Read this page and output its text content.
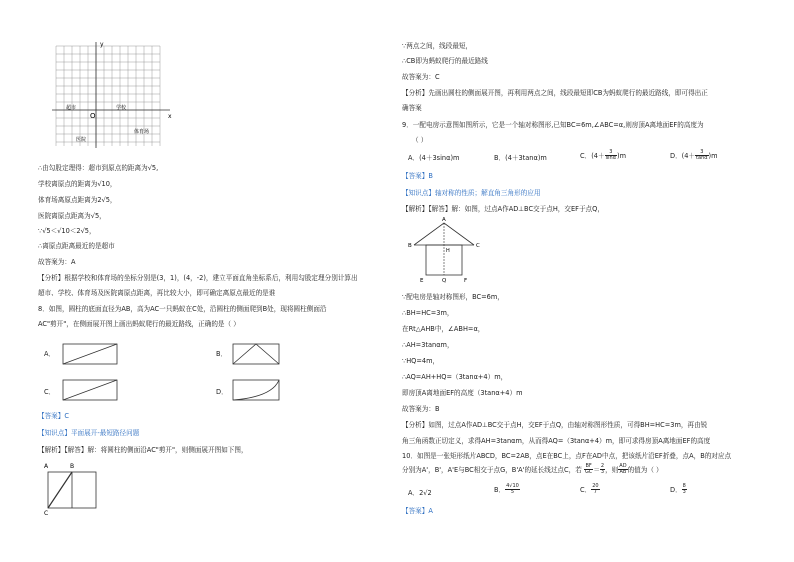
y
x
O
超市	学校
体育场
医院
∴由勾股定理得：超市到原点的距离为√5,
学校离原点的距离为√10，
体育场离原点距离为2√5，
医院离原点距离为√5，
∵√5＜√10＜2√5，
∴离原点距离最近的是超市
故答案为：A
【分析】根据学校和体育场的坐标分别是(3，1)，(4，-2)，建立平面直角坐标系后，利用勾股定理分别计算出
超市、学校、体育场及医院离原点距离，再比较大小，即可确定离原点最近的是谁
8．如图，圆柱的底面直径为AB，高为AC一只蚂蚁在C处，沿圆柱的侧面爬到B处，现将圆柱侧面沿
AC"剪开"，在侧面展开图上画出蚂蚁爬行的最近路线，正确的是（ ）
A．	B．
C．	D．
【答案】C
【知识点】平面展开-最短路径问题
【解析】【解答】解：将圆柱的侧面沿AC"剪开"，则侧面展开图如下图，
A	B
C
∵两点之间，线段最短，
∴CB即为蚂蚁爬行的最近路线
故答案为：C
【分析】先画出圆柱的侧面展开图，再利用两点之间，线段最短即CB为蚂蚁爬行的最近路线，即可得出正
确答案
9．一配电房示意图如图所示，它是一个轴对称图形,已知BC=6m,∠ABC=α,则房顶A离地面EF的高度为
（ ）
A．(4＋3sinα)m	B．(4＋3tanα)m	C．$(4+ \frac{3}{\sin\alpha} )m$	D．$(4+ \frac{3}{\tan\alpha} )m$
【答案】B
【知识点】轴对称的性质；解直角三角形的应用
【解析】【解答】解：如图，过点A作AD⊥BC交于点H，交EF于点Q，
A
B	C
H
E	Q	F
∵配电房是轴对称图形，BC=6m，
∴BH=HC=3m，
在Rt△AHB中，∠ABH=α，
∴AH=3tanαm，
∵HQ=4m，
∴AQ=AH+HQ=（3tanα+4）m，
即房顶A离地面EF的高度（3tanα+4）m
故答案为：B
【分析】如图，过点A作AD⊥BC交于点H，交EF于点Q，由轴对称图形性质，可得BH=HC=3m，再由锐
角三角函数正切定义，求得AH=3tanαm，从而得AQ=（3tanα+4）m，即可求得房顶A离地面EF的高度
10．如图是一张矩形纸片ABCD，BC=2AB，点E在BC上，点F在AD中点，把该纸片沿EF折叠，点A，B的对应点
分别为A'，B'，A'E与BC相交于点G，B'A'的延长线过点C，若 $\frac{BF}{GC} = \frac{2}{3}$ ，则 $\frac{AD}{AB}$ 的值为（ ）
A．2√2	B． $\frac{4√10}{5}$	C． $\frac{20}{7}$	D． $\frac{8}{3}$
【答案】A
